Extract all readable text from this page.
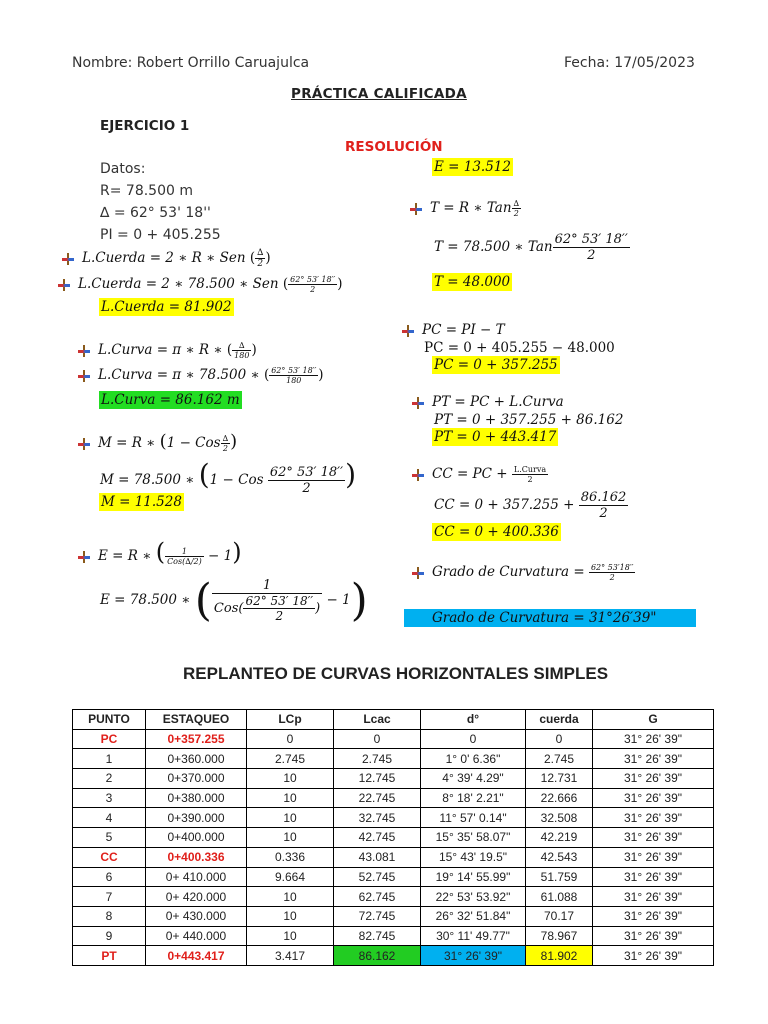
Nombre: Robert Orrillo Caruajulca	Fecha: 17/05/2023
PRÁCTICA CALIFICADA
EJERCICIO 1
RESOLUCIÓN
Datos:
R= 78.500 m
∆ = 62° 53' 18''
PI = 0 + 405.255
L.Cuerda = 2 ∗ R ∗ Sen ( $\frac{\Delta}{2}$ )
L.Cuerda = 2 ∗ 78.500 ∗ Sen ( $\frac{62^\circ 53' 18''}{2}$ )
L.Cuerda = 81.902
L.Curva = π ∗ R ∗ ( $\frac{\Delta}{180}$ )
L.Curva = π ∗ 78.500 ∗ ( $\frac{62^\circ 53' 18''}{180}$ )
L.Curva = 86.162 m
M = R ∗ (1 − Cos $\frac{\Delta}{2}$ )
M = 78.500 ∗ (1 − Cos $\frac{62^\circ 53' 18''}{2}$ )
M = 11.528
E = R ∗ ( $\frac{1}{\text{Cos(∆/2)}} - 1$)
E = 78.500 ∗ ( $\frac{1}{Cos( \frac{62^\circ 53' 18''}{2} )} - 1$)
E = 13.512
T = R ∗ Tan $\frac{\Delta}{2}$
T = 78.500 ∗ Tan $\frac{62^\circ 53' 18''}{2}$
T = 48.000
PC = PI − T
PC = 0 + 405.255 − 48.000
PC = 0 + 357.255
PT = PC + L.Curva
PT = 0 + 357.255 + 86.162
PT = 0 + 443.417
CC = PC + $\frac{\text{L.Curva}}{2}$
CC = $0 + 357.255 + \frac{86.162}{2}$
CC = 0 + 400.336
Grado de Curvatura = $\frac{62^\circ 53'18''}{2}$
Grado de Curvatura = 31°26′39"
REPLANTEO DE CURVAS HORIZONTALES SIMPLES
PUNTO	ESTAQUEO	LCp	Lcac	d°	cuerda	G
PC	0+357.255	0	0	0	0	31° 26' 39"
1	0+360.000	2.745	2.745	1° 0' 6.36"	2.745	31° 26' 39"
2	0+370.000	10	12.745	4° 39' 4.29"	12.731	31° 26' 39"
3	0+380.000	10	22.745	8° 18' 2.21"	22.666	31° 26' 39"
4	0+390.000	10	32.745	11° 57' 0.14"	32.508	31° 26' 39"
5	0+400.000	10	42.745	15° 35' 58.07"	42.219	31° 26' 39"
CC	0+400.336	0.336	43.081	15° 43' 19.5"	42.543	31° 26' 39"
6	0+ 410.000	9.664	52.745	19° 14' 55.99"	51.759	31° 26' 39"
7	0+ 420.000	10	62.745	22° 53' 53.92"	61.088	31° 26' 39"
8	0+ 430.000	10	72.745	26° 32' 51.84"	70.17	31° 26' 39"
9	0+ 440.000	10	82.745	30° 11' 49.77"	78.967	31° 26' 39"
PT	0+443.417	3.417	86.162	31° 26' 39"	81.902	31° 26' 39"
